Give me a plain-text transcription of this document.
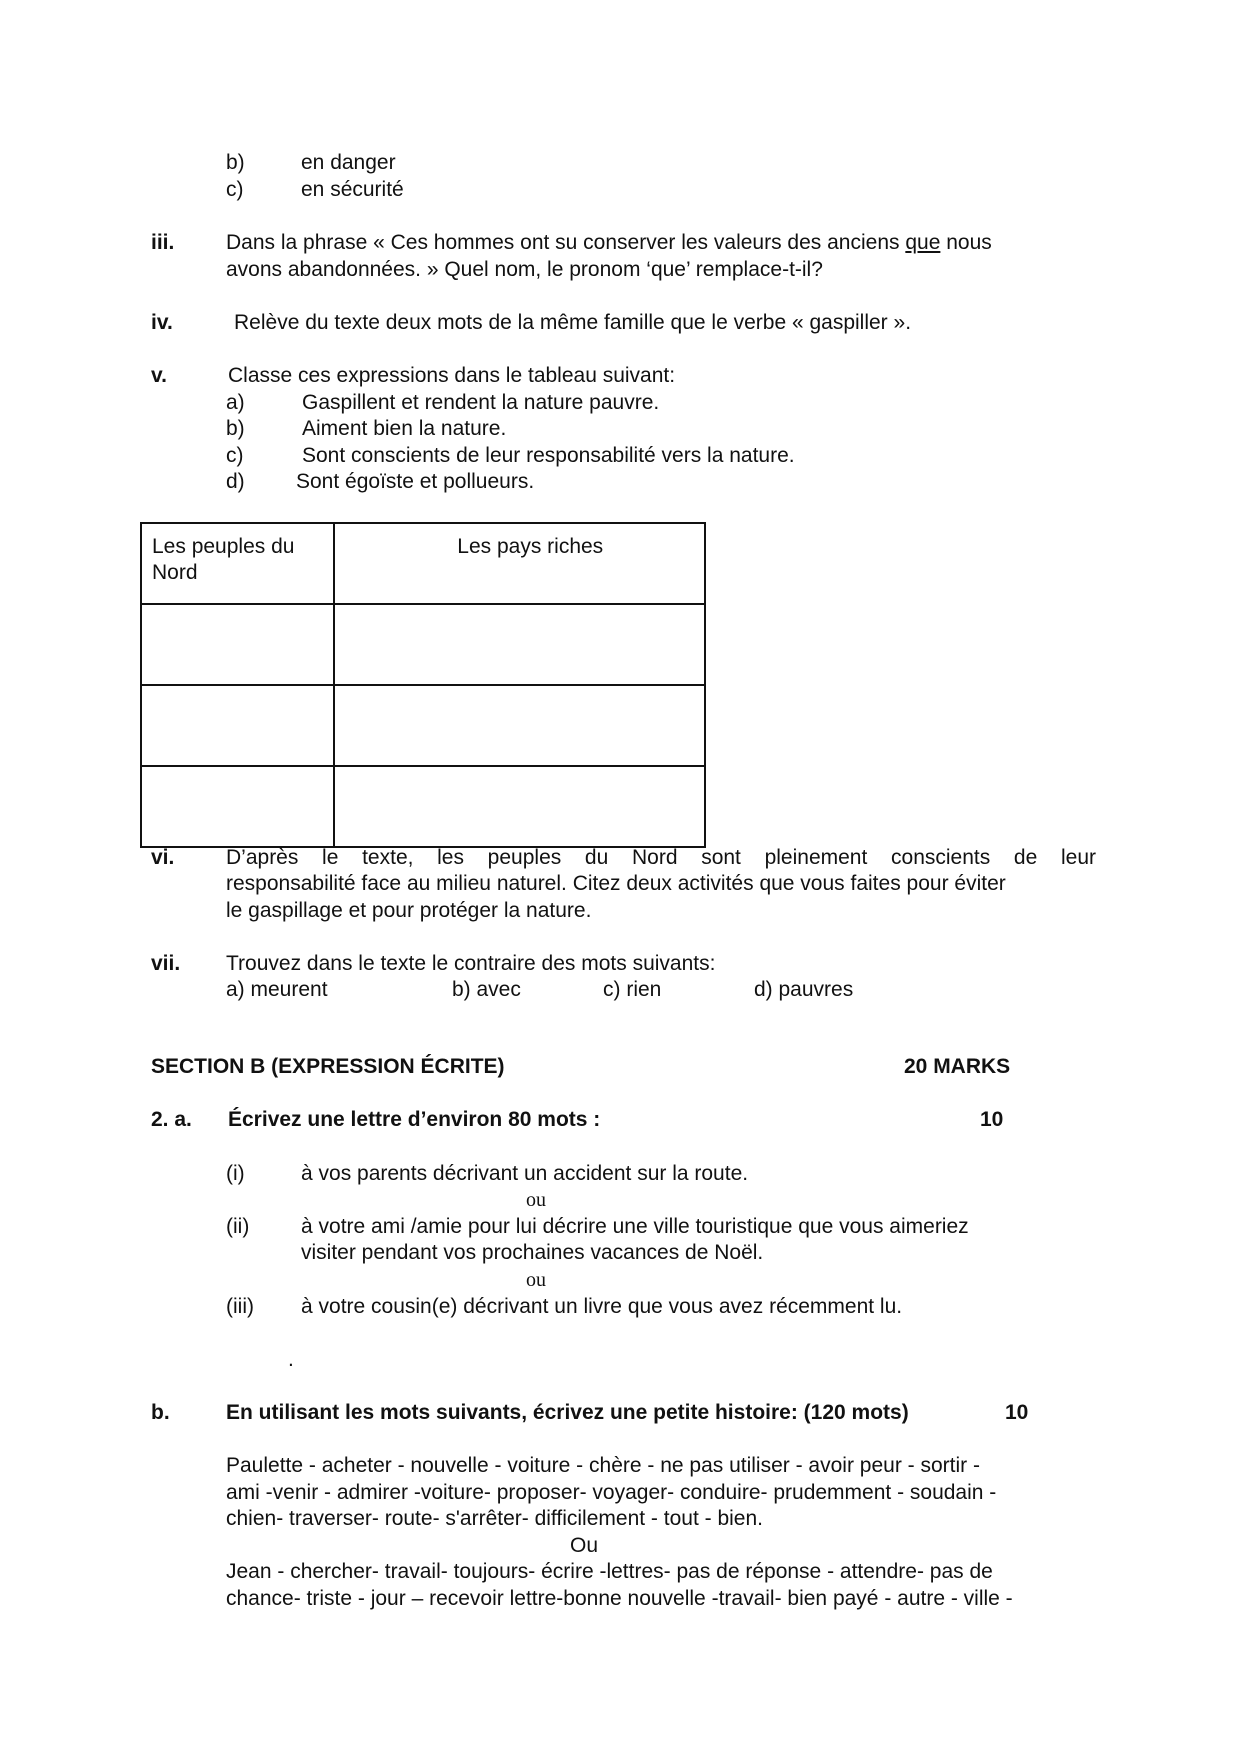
b)	en danger
c)	en sécurité
iii. Dans la phrase « Ces hommes ont su conserver les valeurs des anciens que nous
avons abandonnées. » Quel nom, le pronom ‘que’ remplace-t-il?
iv.	Relève du texte deux mots de la même famille que le verbe « gaspiller ».
v.	Classe ces expressions dans le tableau suivant:
a)	Gaspillent et rendent la nature pauvre.
b)	Aiment bien la nature.
c)	Sont conscients de leur responsabilité vers la nature.
d) Sont égoïste et pollueurs.
Les peuples du Nord	Les pays riches

vi. D’après le texte, les peuples du Nord sont pleinement conscients de leur
responsabilité face au milieu naturel. Citez deux activités que vous faites pour éviter
le gaspillage et pour protéger la nature.
vii. Trouvez dans le texte le contraire des mots suivants:
a) meurent	b) avec	c) rien	d) pauvres
SECTION B (EXPRESSION ÉCRITE)	20 MARKS
2. a. Écrivez une lettre d’environ 80 mots :	10
(i)	à vos parents décrivant un accident sur la route.
ou
(ii) à votre ami /amie pour lui décrire une ville touristique que vous aimeriez
visiter pendant vos prochaines vacances de Noël.
ou
(iii) à votre cousin(e) décrivant un livre que vous avez récemment lu.
.
b.	En utilisant les mots suivants, écrivez une petite histoire: (120 mots)	10
Paulette - acheter - nouvelle - voiture - chère - ne pas utiliser - avoir peur - sortir -
ami -venir - admirer -voiture- proposer- voyager- conduire- prudemment - soudain -
chien- traverser- route- s'arrêter- difficilement - tout - bien.
Ou
Jean - chercher- travail- toujours- écrire -lettres- pas de réponse - attendre- pas de
chance- triste - jour – recevoir lettre-bonne nouvelle -travail- bien payé - autre - ville -
